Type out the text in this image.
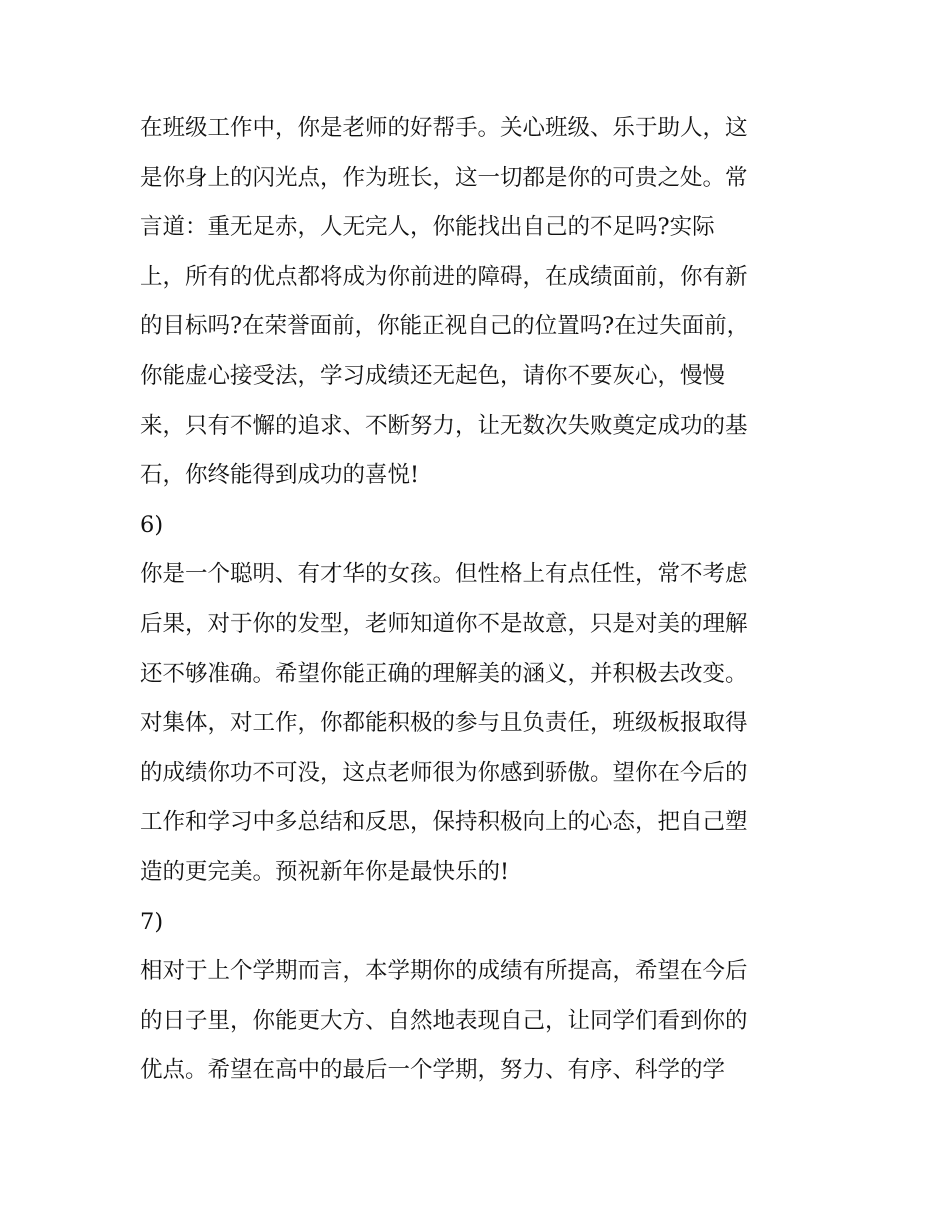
在班级工作中，你是老师的好帮手。关心班级、乐于助人，这
是你身上的闪光点，作为班长，这一切都是你的可贵之处。常
言道：重无足赤，人无完人，你能找出自己的不足吗?实际
上，所有的优点都将成为你前进的障碍，在成绩面前，你有新
的目标吗?在荣誉面前，你能正视自己的位置吗?在过失面前，
你能虚心接受法，学习成绩还无起色，请你不要灰心，慢慢
来，只有不懈的追求、不断努力，让无数次失败奠定成功的基
石，你终能得到成功的喜悦!
6)
你是一个聪明、有才华的女孩。但性格上有点任性，常不考虑
后果，对于你的发型，老师知道你不是故意，只是对美的理解
还不够准确。希望你能正确的理解美的涵义，并积极去改变。
对集体，对工作，你都能积极的参与且负责任，班级板报取得
的成绩你功不可没，这点老师很为你感到骄傲。望你在今后的
工作和学习中多总结和反思，保持积极向上的心态，把自己塑
造的更完美。预祝新年你是最快乐的!
7)
相对于上个学期而言，本学期你的成绩有所提高，希望在今后
的日子里，你能更大方、自然地表现自己，让同学们看到你的
优点。希望在高中的最后一个学期，努力、有序、科学的学
